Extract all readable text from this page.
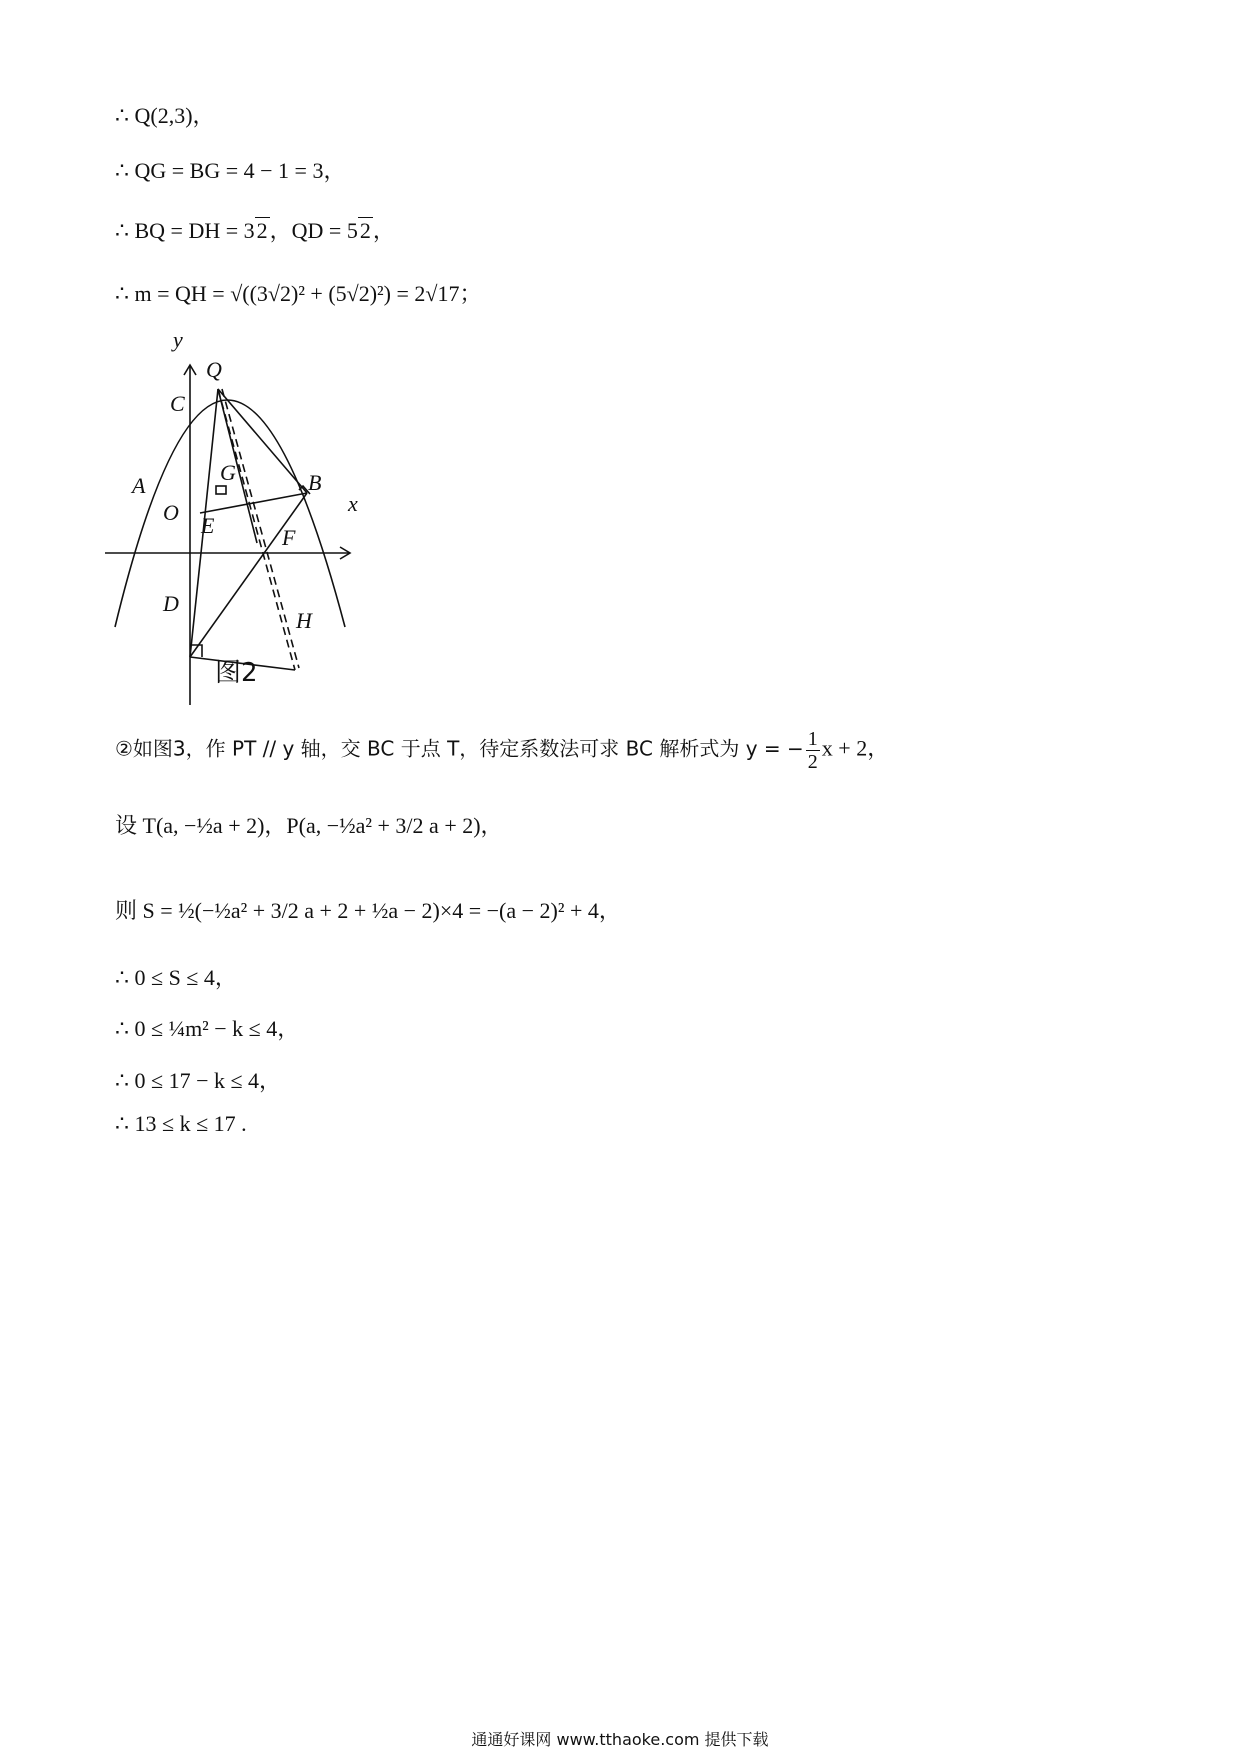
∴ Q(2,3)，
∴ QG = BG = 4 − 1 = 3，
∴ BQ = DH = 32，QD = 52，
∴ m = QH = √((3√2)² + (5√2)²) = 2√17；
y
x
Q
C
A
O
G	B
E	F
D
H
图2
②如图3，作 PT // y 轴，交 BC 于点 T，待定系数法可求 BC 解析式为 y = − $\frac{1}{2}$ x + 2，
设 T(a, −½a + 2)，P(a, −½a² + 3/2 a + 2)，
则 S = ½(−½a² + 3/2 a + 2 + ½a − 2)×4 = −(a − 2)² + 4，
∴ 0 ≤ S ≤ 4，
∴ 0 ≤ ¼m² − k ≤ 4，
∴ 0 ≤ 17 − k ≤ 4，
∴ 13 ≤ k ≤ 17 .
通通好课网 www.tthaoke.com 提供下载
